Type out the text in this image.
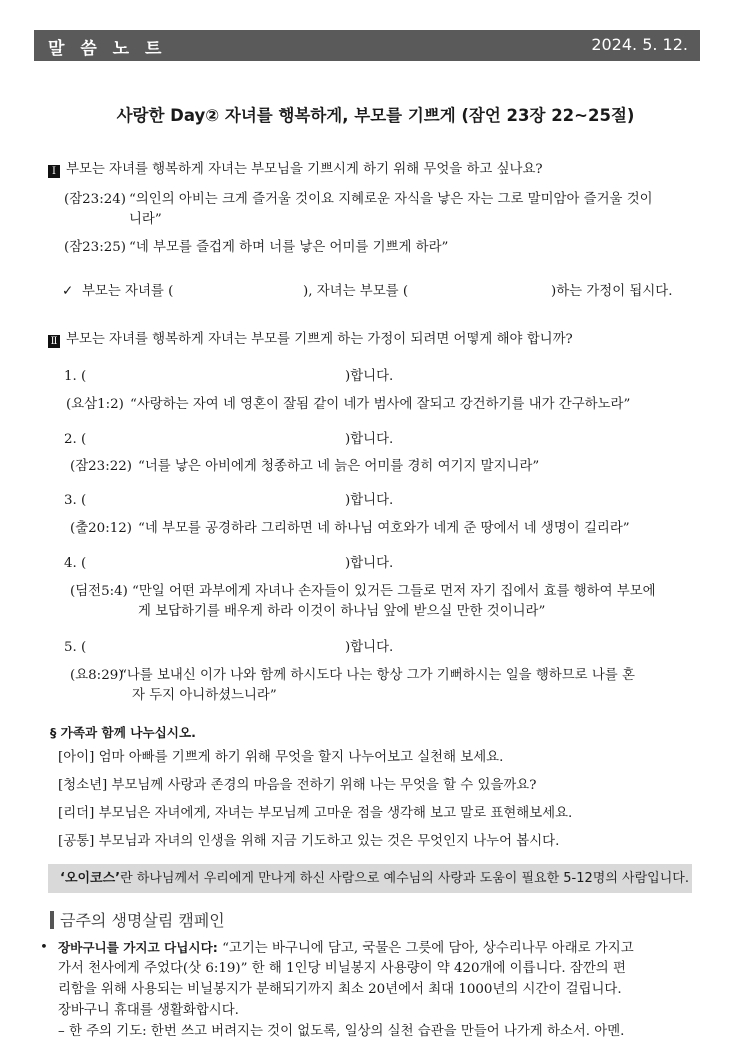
말 씀 노 트	2024. 5. 12.
사랑한 Day② 자녀를 행복하게, 부모를 기쁘게 (잠언 23장 22~25절)
Ⅰ 부모는 자녀를 행복하게 자녀는 부모님을 기쁘시게 하기 위해 무엇을 하고 싶나요?
(잠23:24) “의인의 아비는 크게 즐거울 것이요 지혜로운 자식을 낳은 자는 그로 말미암아 즐거울 것이
니라”
(잠23:25) “네 부모를 즐겁게 하며 너를 낳은 어미를 기쁘게 하라”
✓ 부모는 자녀를 (	), 자녀는 부모를 (	)하는 가정이 됩시다.
Ⅱ 부모는 자녀를 행복하게 자녀는 부모를 기쁘게 하는 가정이 되려면 어떻게 해야 합니까?
1. (	)합니다.
(요삼1:2) “사랑하는 자여 네 영혼이 잘됨 같이 네가 범사에 잘되고 강건하기를 내가 간구하노라”
2. (	)합니다.
(잠23:22) “너를 낳은 아비에게 청종하고 네 늙은 어미를 경히 여기지 말지니라”
3. (	)합니다.
(출20:12) “네 부모를 공경하라 그리하면 네 하나님 여호와가 네게 준 땅에서 네 생명이 길리라”
4. (	)합니다.
(딤전5:4) “만일 어떤 과부에게 자녀나 손자들이 있거든 그들로 먼저 자기 집에서 효를 행하여 부모에
게 보답하기를 배우게 하라 이것이 하나님 앞에 받으실 만한 것이니라”
5. (	)합니다.
(요8:29)
“나를 보내신 이가 나와 함께 하시도다 나는 항상 그가 기뻐하시는 일을 행하므로 나를 혼
자 두지 아니하셨느니라”
§ 가족과 함께 나누십시오.
[아이] 엄마 아빠를 기쁘게 하기 위해 무엇을 할지 나누어보고 실천해 보세요.
[청소년] 부모님께 사랑과 존경의 마음을 전하기 위해 나는 무엇을 할 수 있을까요?
[리더] 부모님은 자녀에게, 자녀는 부모님께 고마운 점을 생각해 보고 말로 표현해보세요.
[공통] 부모님과 자녀의 인생을 위해 지금 기도하고 있는 것은 무엇인지 나누어 봅시다.
‘오이코스’란 하나님께서 우리에게 만나게 하신 사람으로 예수님의 사랑과 도움이 필요한 5-12명의 사람입니다.
금주의 생명살림 캠페인
• 장바구니를 가지고 다닙시다: “고기는 바구니에 담고, 국물은 그릇에 담아, 상수리나무 아래로 가지고
가서 천사에게 주었다(삿 6:19)” 한 해 1인당 비닐봉지 사용량이 약 420개에 이릅니다. 잠깐의 편
리함을 위해 사용되는 비닐봉지가 분해되기까지 최소 20년에서 최대 1000년의 시간이 걸립니다.
장바구니 휴대를 생활화합시다.
– 한 주의 기도: 한번 쓰고 버려지는 것이 없도록, 일상의 실천 습관을 만들어 나가게 하소서. 아멘.
